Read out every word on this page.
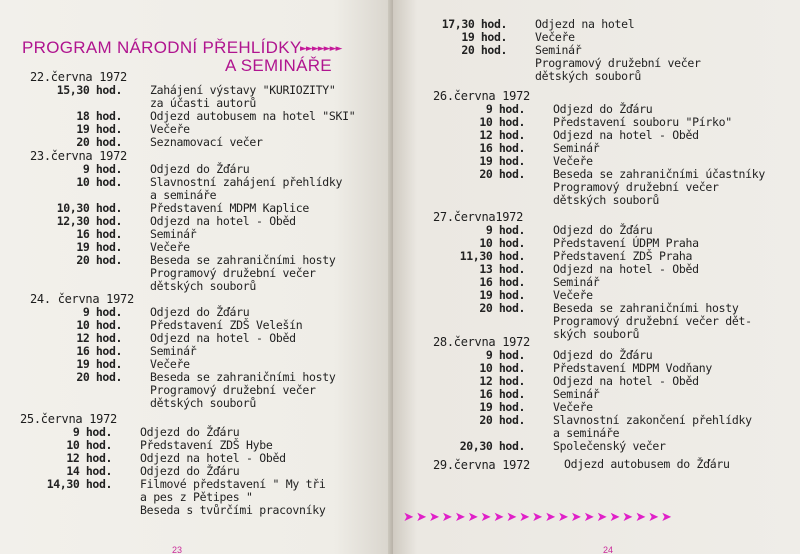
PROGRAM NÁRODNÍ PŘEHLÍDKY
►►►►►►►
A SEMINÁŘE
22.června 1972
15,30 hod.	Zahájení výstavy "KURIOZITY"
za účasti autorů
18 hod.	Odjezd autobusem na hotel "SKI"
19 hod.	Večeře
20 hod.	Seznamovací večer
23.června 1972
9 hod.	Odjezd do Žďáru
10 hod.	Slavnostní zahájení přehlídky
a semináře
10,30 hod.	Představení MDPM Kaplice
12,30 hod.	Odjezd na hotel - Oběd
16 hod.	Seminář
19 hod.	Večeře
20 hod.	Beseda se zahraničními hosty
Programový družební večer
dětských souborů
24. června 1972
9 hod.	Odjezd do Žďáru
10 hod.	Představení ZDŠ Velešín
12 hod.	Odjezd na hotel - Oběd
16 hod.	Seminář
19 hod.	Večeře
20 hod.	Beseda se zahraničními hosty
Programový družební večer
dětských souborů
25.června 1972
9 hod.	Odjezd do Žďáru
10 hod.	Představení ZDŠ Hybe
12 hod.	Odjezd na hotel - Oběd
14 hod.	Odjezd do Žďáru
14,30 hod.	Filmové představení " My tři
a pes z Pětipes "
Beseda s tvůrčími pracovníky
23
17,30 hod.	Odjezd na hotel
19 hod.	Večeře
20 hod.	Seminář
Programový družební večer
dětských souborů
26.června 1972
9 hod.	Odjezd do Žďáru
10 hod.	Představení souboru "Pírko"
12 hod.	Odjezd na hotel - Oběd
16 hod.	Seminář
19 hod.	Večeře
20 hod.	Beseda se zahraničními účastníky
Programový družební večer
dětských souborů
27.června1972
9 hod.	Odjezd do Žďáru
10 hod.	Představení ÚDPM Praha
11,30 hod.	Představení ZDŠ Praha
13 hod.	Odjezd na hotel - Oběd
16 hod.	Seminář
19 hod.	Večeře
20 hod.	Beseda se zahraničními hosty
Programový družební večer dět-
ských souborů
28.června 1972
9 hod.	Odjezd do Žďáru
10 hod.	Představení MDPM Vodňany
12 hod.	Odjezd na hotel - Oběd
16 hod.	Seminář
19 hod.	Večeře
20 hod.	Slavnostní zakončení přehlídky
a semináře
20,30 hod.	Společenský večer
29.června 1972	Odjezd autobusem do Žďáru
➤➤➤➤➤➤➤➤➤➤➤➤➤➤➤➤➤➤➤➤➤
24
